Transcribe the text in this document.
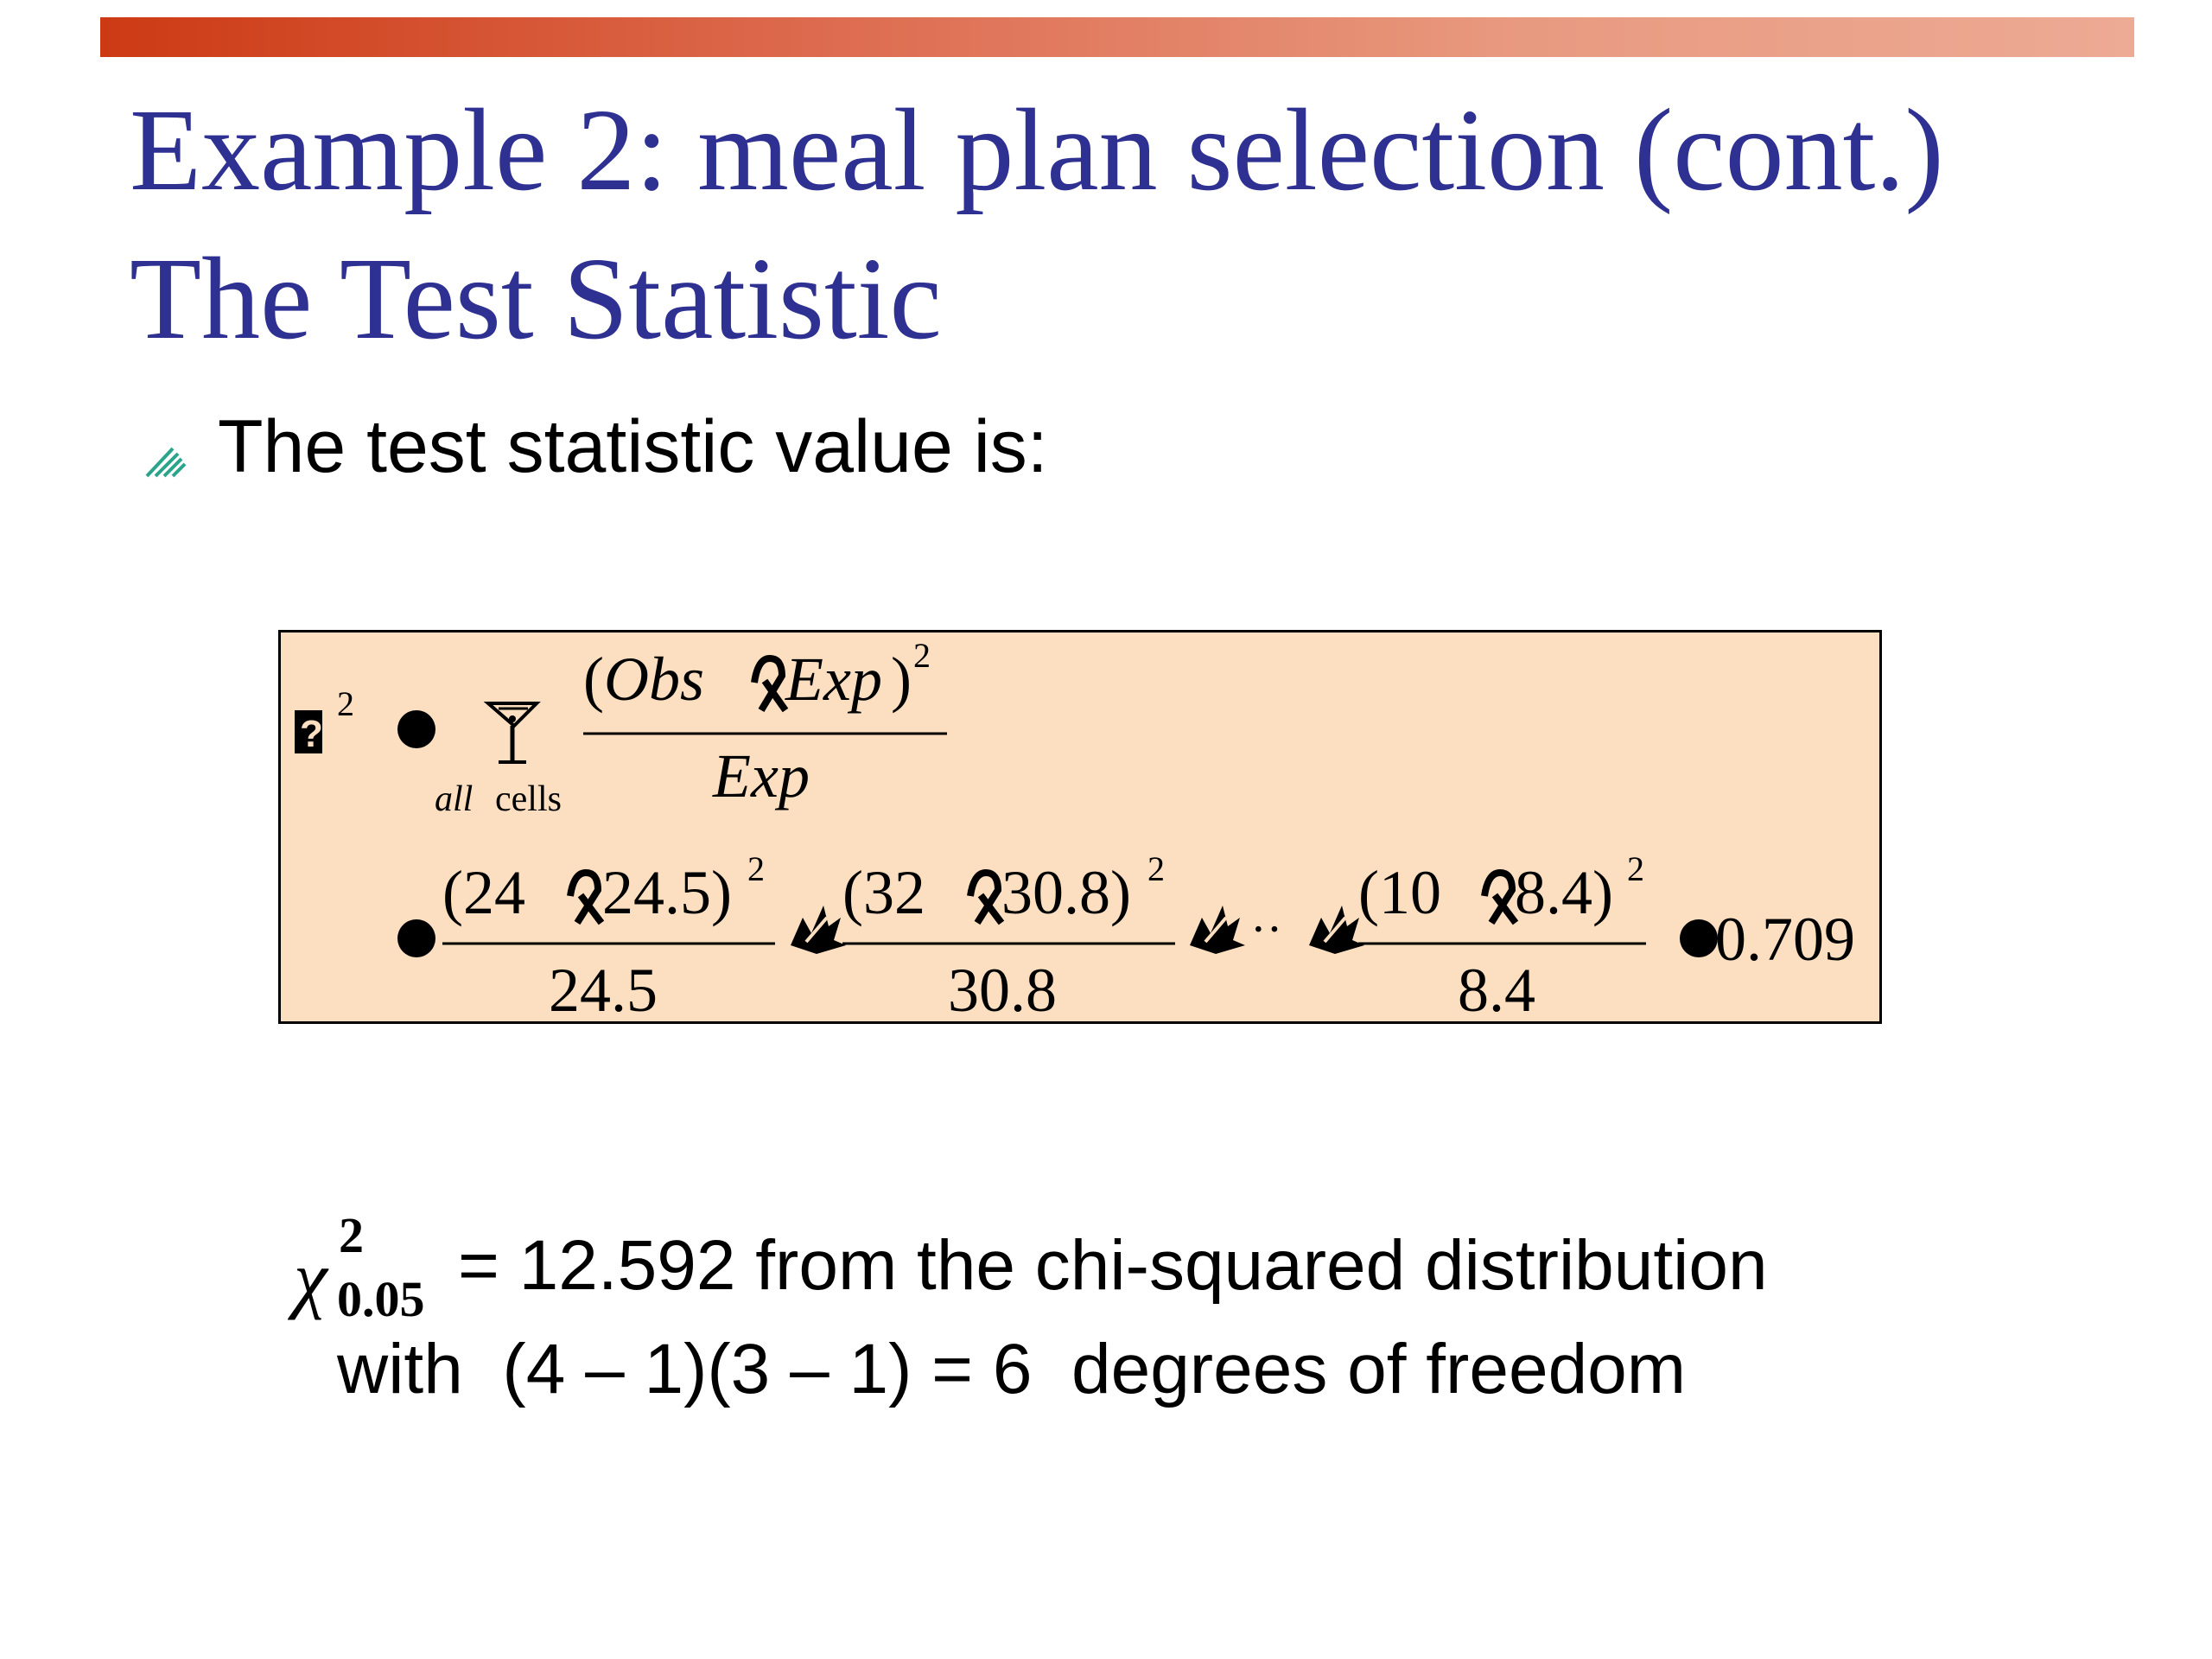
Example 2: meal plan selection (cont.)
The Test Statistic
The test statistic value is:
?
2
all cells
( Obs Exp ) 2
Exp
(24 24.5) 2
24.5
(32 30.8) 2
30.8
··
(10 8.4) 2
8.4
0.709
χ
2
0.05 = 12.592 from the chi-squared distribution
with  (4 – 1)(3 – 1) = 6  degrees of freedom
